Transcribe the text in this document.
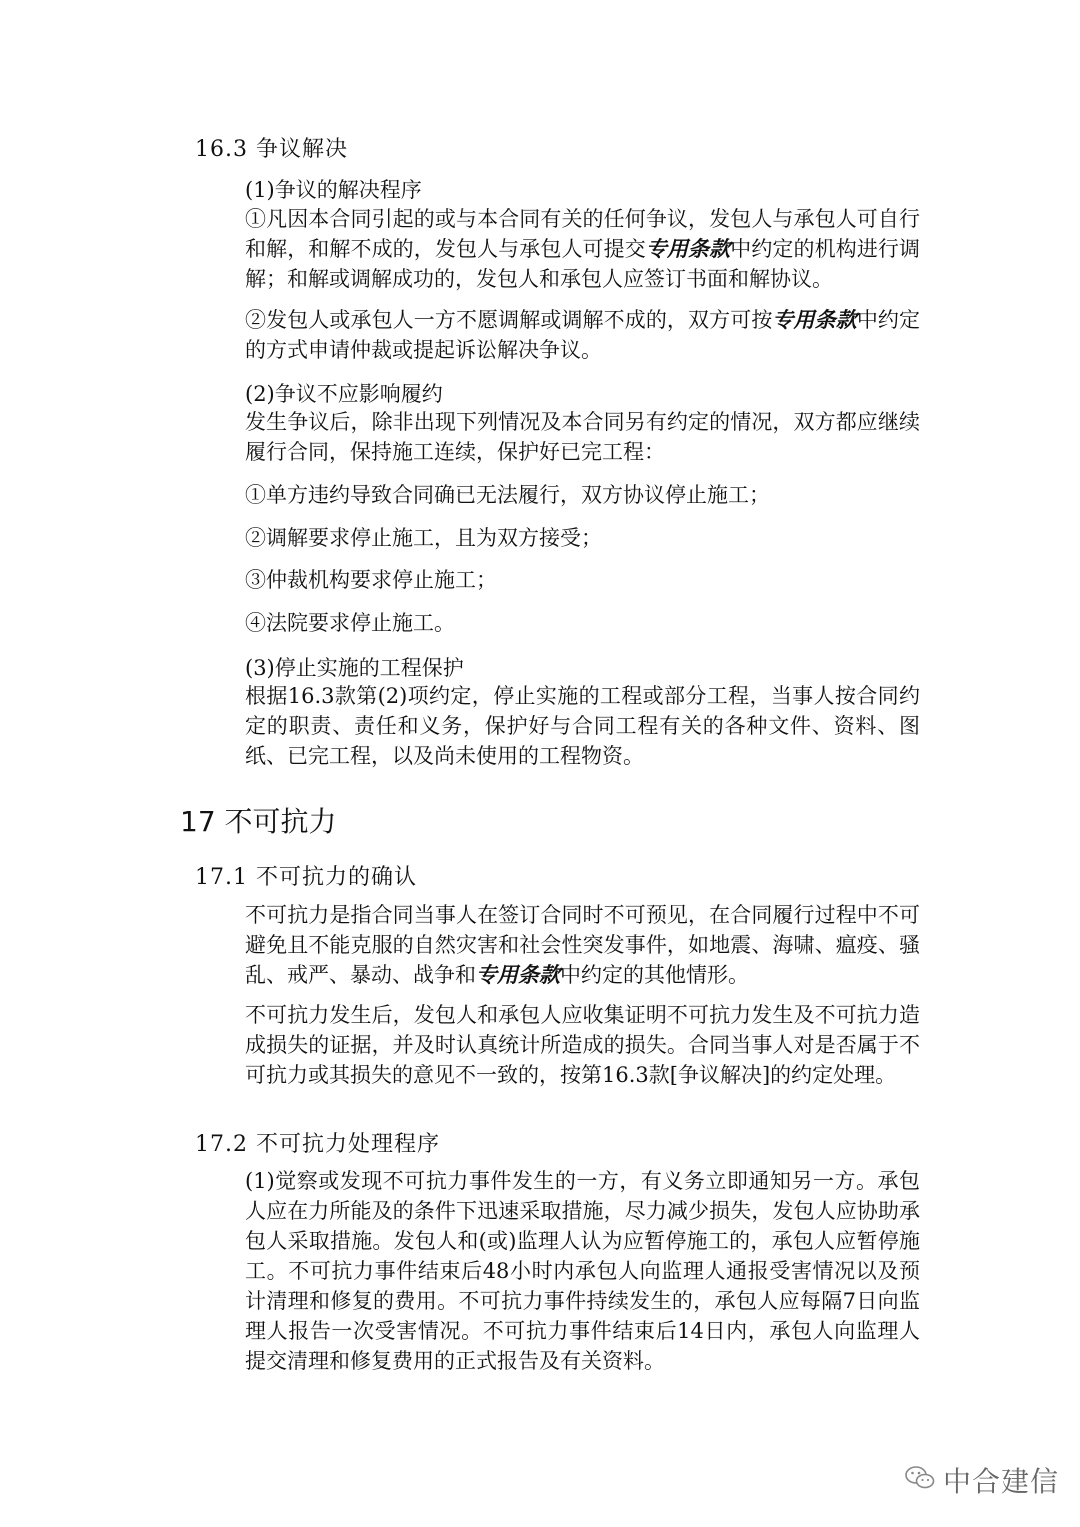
16.3 争议解决
(1)争议的解决程序
①凡因本合同引起的或与本合同有关的任何争议，发包人与承包人可自行和解，和解不成的，发包人与承包人可提交专用条款中约定的机构进行调解；和解或调解成功的，发包人和承包人应签订书面和解协议。
②发包人或承包人一方不愿调解或调解不成的，双方可按专用条款中约定的方式申请仲裁或提起诉讼解决争议。
(2)争议不应影响履约
发生争议后，除非出现下列情况及本合同另有约定的情况，双方都应继续履行合同，保持施工连续，保护好已完工程：
①单方违约导致合同确已无法履行，双方协议停止施工；
②调解要求停止施工，且为双方接受；
③仲裁机构要求停止施工；
④法院要求停止施工。
(3)停止实施的工程保护
根据16.3款第(2)项约定，停止实施的工程或部分工程，当事人按合同约定的职责、责任和义务，保护好与合同工程有关的各种文件、资料、图纸、已完工程，以及尚未使用的工程物资。
17 不可抗力
17.1 不可抗力的确认
不可抗力是指合同当事人在签订合同时不可预见，在合同履行过程中不可避免且不能克服的自然灾害和社会性突发事件，如地震、海啸、瘟疫、骚乱、戒严、暴动、战争和专用条款中约定的其他情形。
不可抗力发生后，发包人和承包人应收集证明不可抗力发生及不可抗力造成损失的证据，并及时认真统计所造成的损失。合同当事人对是否属于不可抗力或其损失的意见不一致的，按第16.3款[争议解决]的约定处理。
17.2 不可抗力处理程序
(1)觉察或发现不可抗力事件发生的一方，有义务立即通知另一方。承包人应在力所能及的条件下迅速采取措施，尽力减少损失，发包人应协助承包人采取措施。发包人和(或)监理人认为应暂停施工的，承包人应暂停施工。不可抗力事件结束后48小时内承包人向监理人通报受害情况以及预计清理和修复的费用。不可抗力事件持续发生的，承包人应每隔7日向监理人报告一次受害情况。不可抗力事件结束后14日内，承包人向监理人提交清理和修复费用的正式报告及有关资料。
中合建信
